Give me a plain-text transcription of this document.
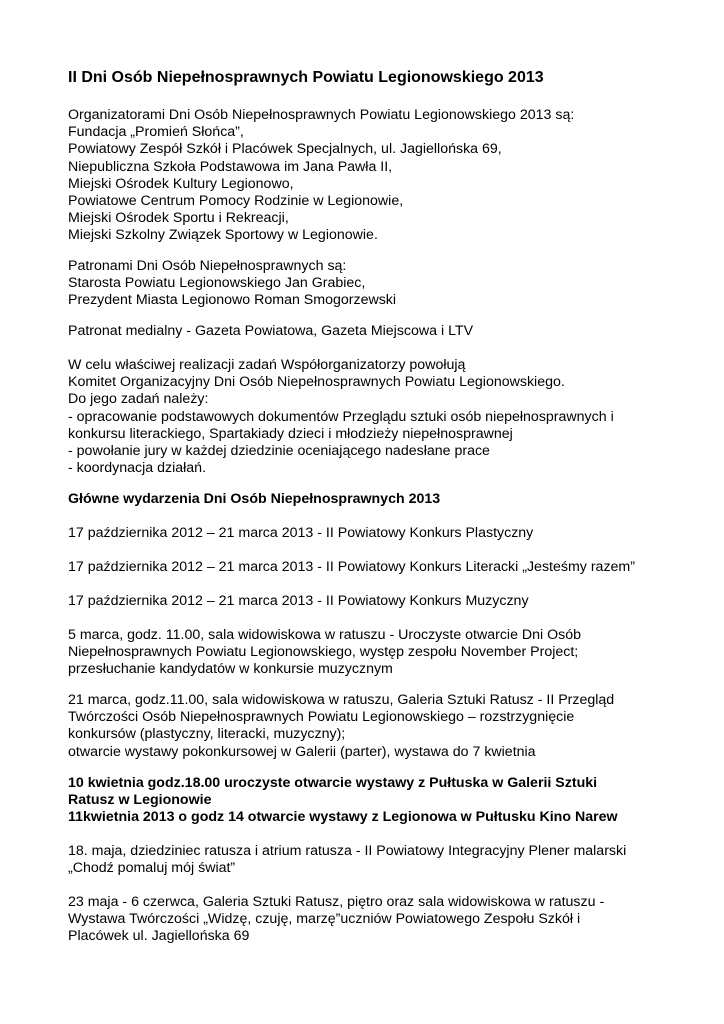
II Dni Osób Niepełnosprawnych Powiatu Legionowskiego 2013
Organizatorami Dni Osób Niepełnosprawnych Powiatu Legionowskiego 2013 są:
Fundacja „Promień Słońca”,
Powiatowy Zespół Szkół i Placówek Specjalnych, ul. Jagiellońska 69,
Niepubliczna Szkoła Podstawowa im Jana Pawła II,
Miejski Ośrodek Kultury Legionowo,
Powiatowe Centrum Pomocy Rodzinie w Legionowie,
Miejski Ośrodek Sportu i Rekreacji,
Miejski Szkolny Związek Sportowy w Legionowie.
Patronami Dni Osób Niepełnosprawnych są:
Starosta Powiatu Legionowskiego Jan Grabiec,
Prezydent Miasta Legionowo Roman Smogorzewski
Patronat medialny - Gazeta Powiatowa, Gazeta Miejscowa i LTV
W celu właściwej realizacji zadań Współorganizatorzy powołują
Komitet Organizacyjny Dni Osób Niepełnosprawnych Powiatu Legionowskiego.
Do jego zadań należy:
- opracowanie podstawowych dokumentów Przeglądu sztuki osób niepełnosprawnych i
konkursu literackiego, Spartakiady dzieci i młodzieży niepełnosprawnej
- powołanie jury w każdej dziedzinie oceniającego nadesłane prace
- koordynacja działań.
Główne wydarzenia Dni Osób Niepełnosprawnych 2013
17 października 2012 – 21 marca 2013 - II Powiatowy Konkurs Plastyczny
17 października 2012 – 21 marca 2013 - II Powiatowy Konkurs Literacki „Jesteśmy razem”
17 października 2012 – 21 marca 2013 - II Powiatowy Konkurs Muzyczny
5 marca, godz. 11.00, sala widowiskowa w ratuszu - Uroczyste otwarcie Dni Osób
Niepełnosprawnych Powiatu Legionowskiego, występ zespołu November Project;
przesłuchanie kandydatów w konkursie muzycznym
21 marca, godz.11.00, sala widowiskowa w ratuszu, Galeria Sztuki Ratusz - II Przegląd
Twórczości Osób Niepełnosprawnych Powiatu Legionowskiego – rozstrzygnięcie
konkursów (plastyczny, literacki, muzyczny);
otwarcie wystawy pokonkursowej w Galerii (parter), wystawa do 7 kwietnia
10 kwietnia godz.18.00 uroczyste otwarcie wystawy z Pułtuska w Galerii Sztuki
Ratusz w Legionowie
11kwietnia 2013 o godz 14 otwarcie wystawy z Legionowa w Pułtusku Kino Narew
18. maja, dziedziniec ratusza i atrium ratusza - II Powiatowy Integracyjny Plener malarski
„Chodź pomaluj mój świat”
23 maja - 6 czerwca, Galeria Sztuki Ratusz, piętro oraz sala widowiskowa w ratuszu -
Wystawa Twórczości „Widzę, czuję, marzę”uczniów Powiatowego Zespołu Szkół i
Placówek ul. Jagiellońska 69
